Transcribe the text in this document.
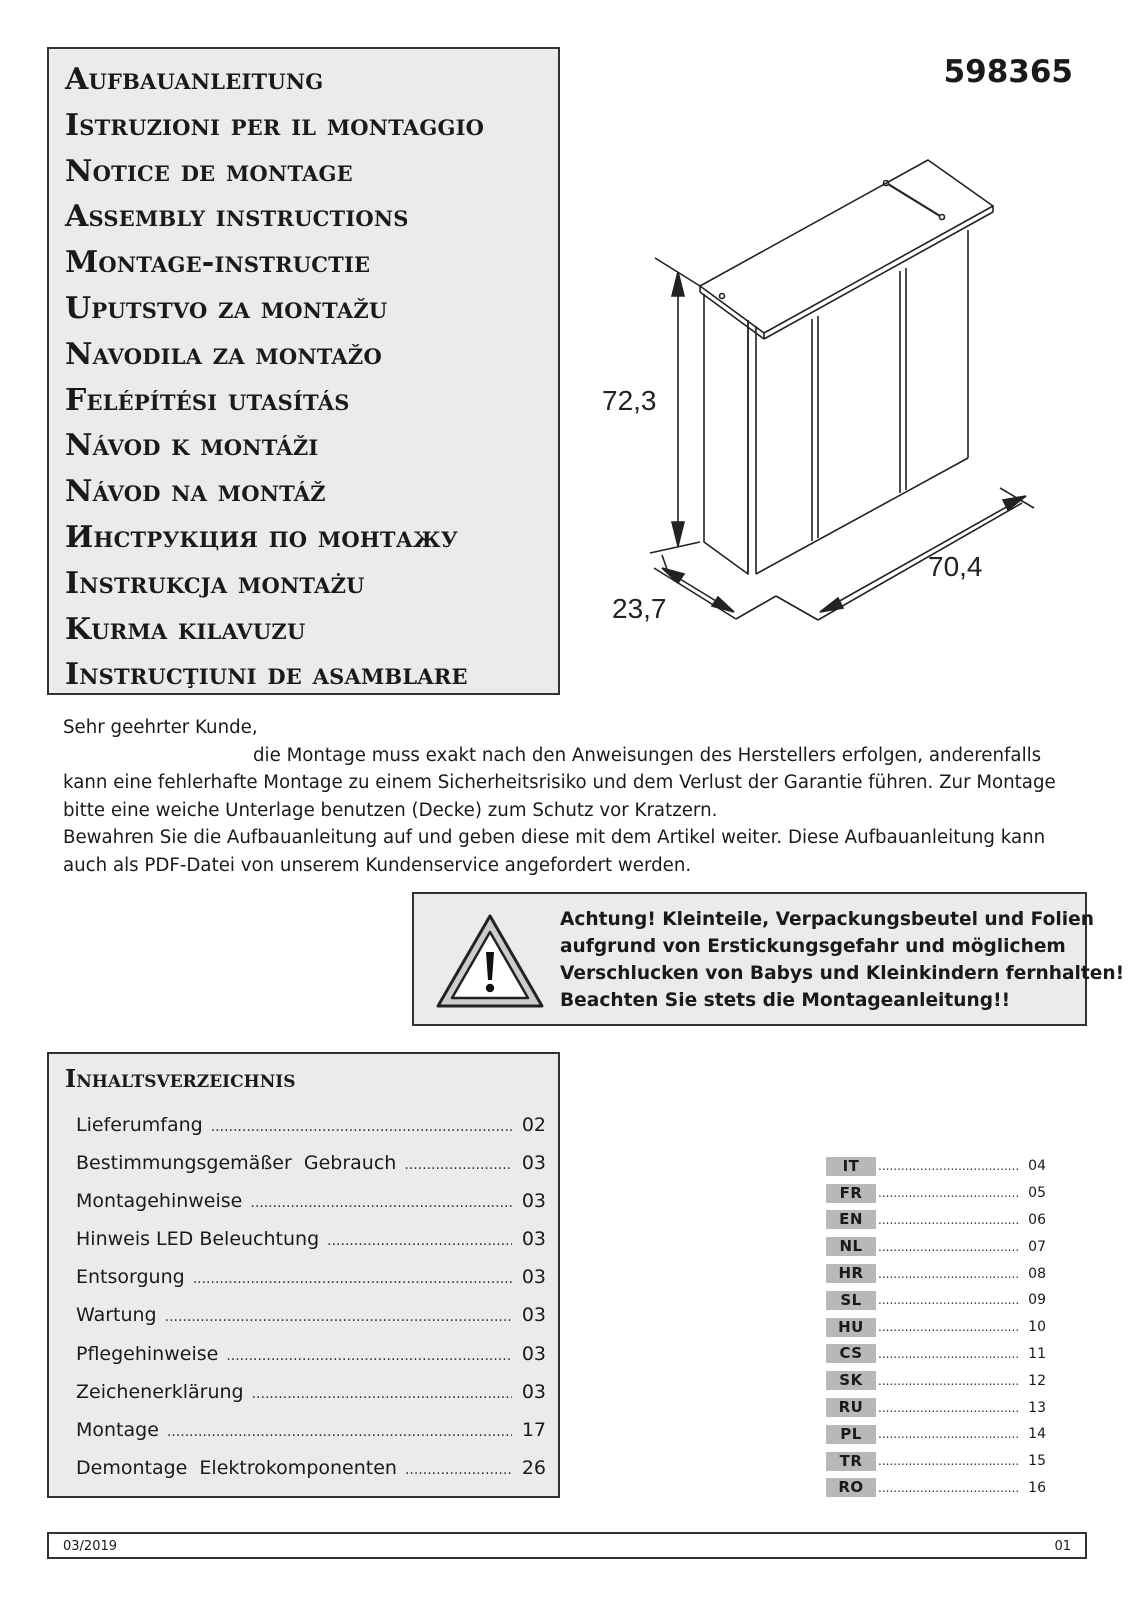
Aufbauanleitung
Istruzioni per il montaggio
Notice de montage
Assembly instructions
Montage-instructie
Uputstvo za montažu
Navodila za montažo
Felépítési utasítás
Návod k montáži
Návod na montáž
Инструкция по монтажу
Instrukcja montażu
Kurma kilavuzu
Instrucţiuni de asamblare
598365
72,3
70,4
23,7

Sehr geehrter Kunde,

die Montage muss exakt nach den Anweisungen des Herstellers erfolgen, anderenfalls

kann eine fehlerhafte Montage zu einem Sicherheitsrisiko und dem Verlust der Garantie führen. Zur Montage bitte eine weiche Unterlage benutzen (Decke) zum Schutz vor Kratzern.

Bewahren Sie die Aufbauanleitung auf und geben diese mit dem Artikel weiter. Diese Aufbauanleitung kann auch als PDF-Datei von unserem Kundenservice angefordert werden.

Achtung! Kleinteile, Verpackungsbeutel und Folien
aufgrund von Erstickungsgefahr und möglichem
Verschlucken von Babys und Kleinkindern fernhalten!
Beachten Sie stets die Montageanleitung!!
Inhaltsverzeichnis
Lieferumfang .....	02
Bestimmungsgemäßer  Gebrauch .....	03
Montagehinweise .....	03
Hinweis LED Beleuchtung .....	03
Entsorgung .....	03
Wartung .....	03
Pflegehinweise .....	03
Zeichenerklärung .....	03
Montage .....	17
Demontage  Elektrokomponenten .....	26
IT .....	04
FR .....	05
EN .....	06
NL .....	07
HR .....	08
SL .....	09
HU .....	10
CS .....	11
SK .....	12
RU .....	13
PL .....	14
TR .....	15
RO .....	16
03/2019	01
